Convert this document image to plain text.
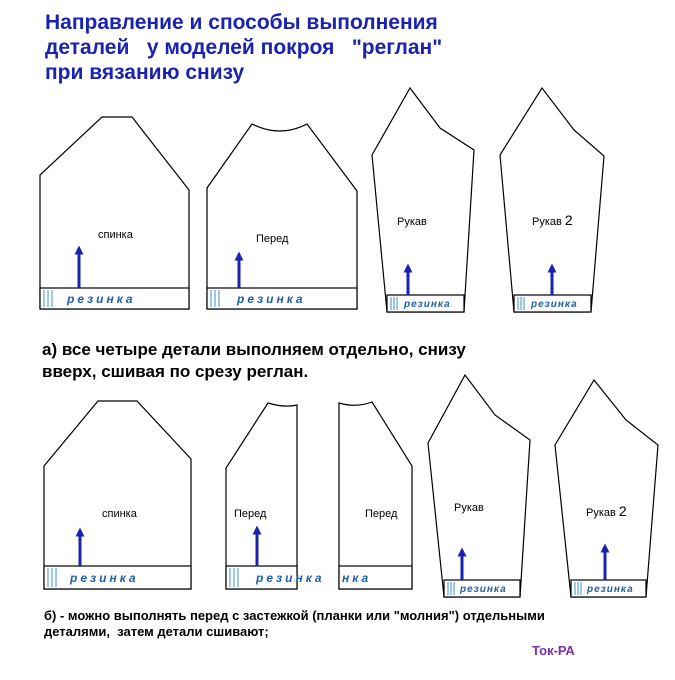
Направление и способы выполнения
деталей   у моделей покроя   "реглан"
при вязанию снизу
резинка
спинка
резинка
Перед
резинка
Рукав
резинка
Рукав 2
резинка
спинка
резинка
Перед
нка
Перед
резинка
Рукав
резинка
Рукав 2

а) все четыре детали выполняем отдельно, снизу
вверх, сшивая по срезу реглан.

б) - можно выполнять перед с застежкой (планки или "молния") отдельными
деталями,  затем детали сшивают;

Ток-РА
